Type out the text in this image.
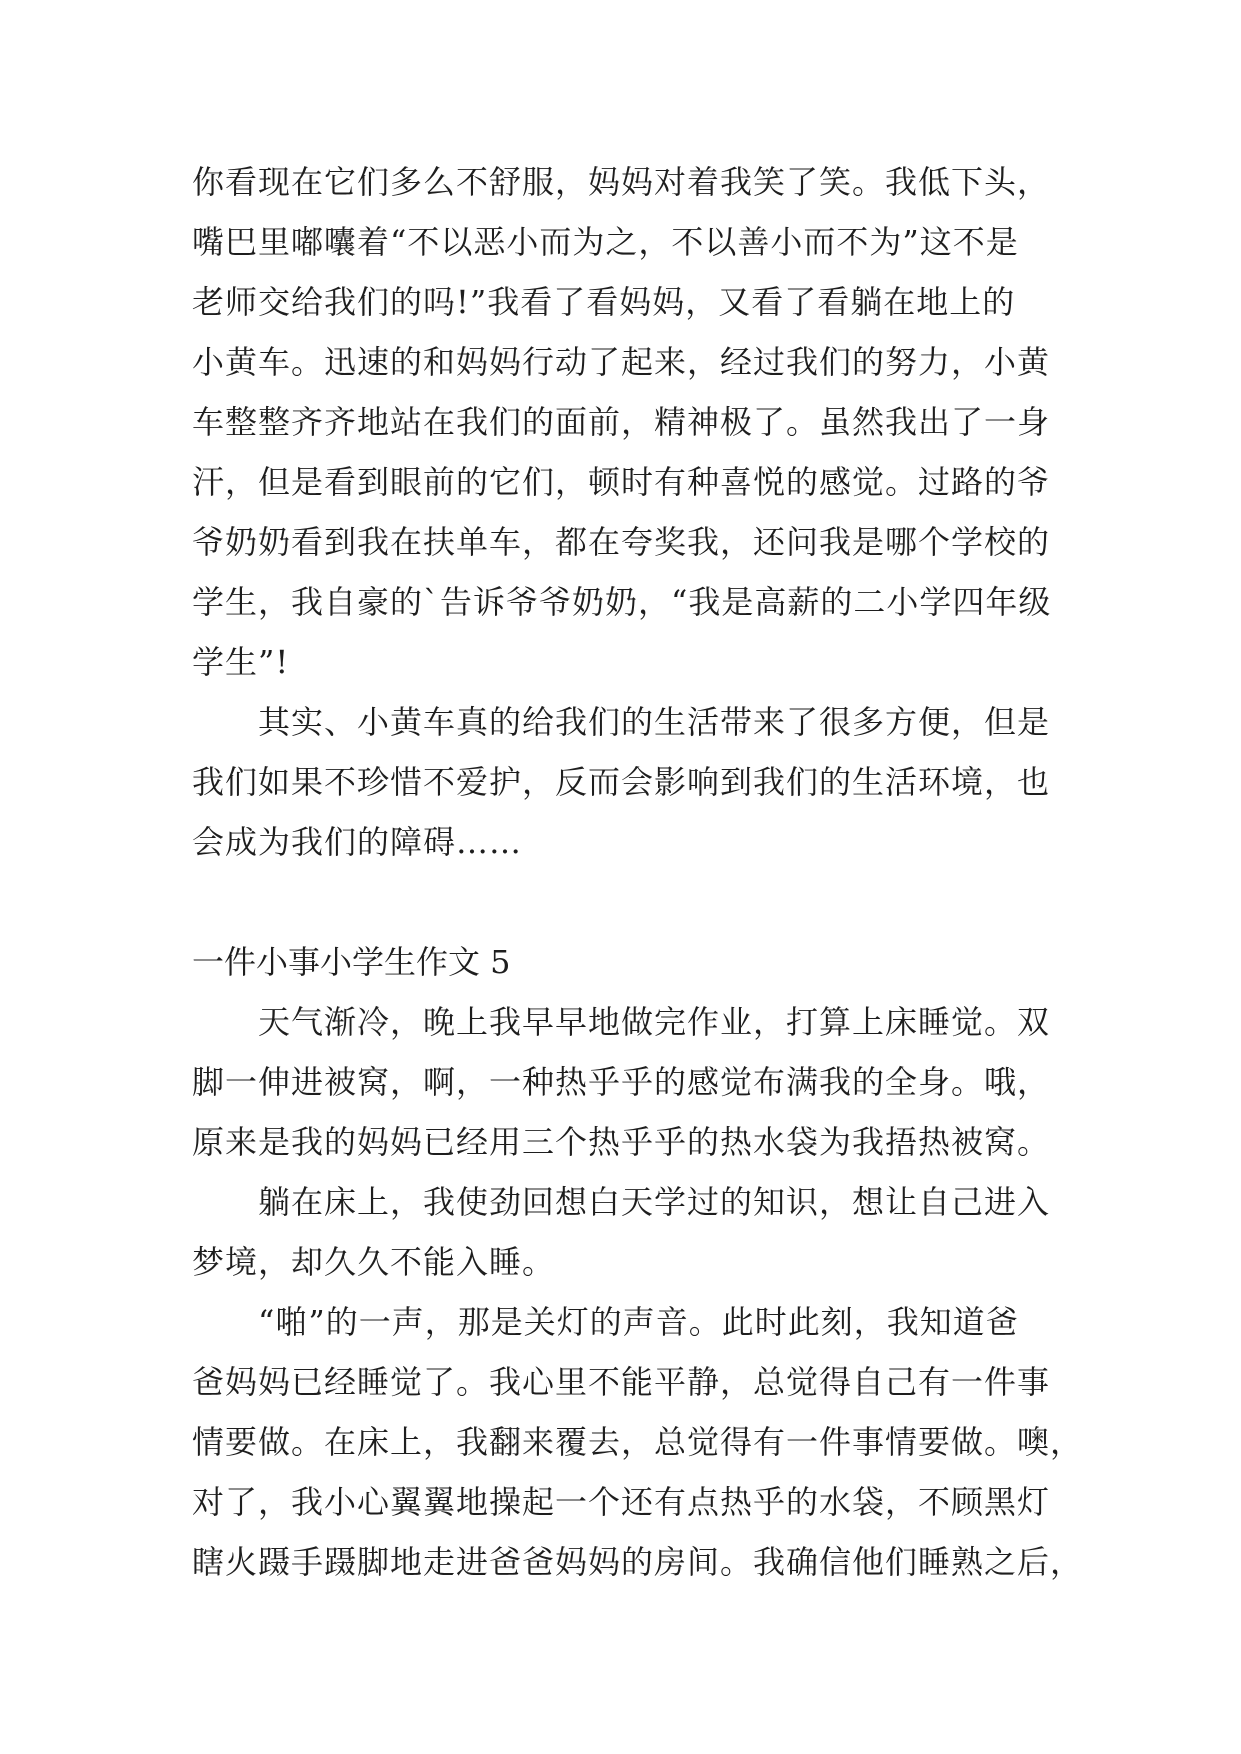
你看现在它们多么不舒服，妈妈对着我笑了笑。我低下头，
嘴巴里嘟囔着“不以恶小而为之，不以善小而不为”这不是
老师交给我们的吗!”我看了看妈妈，又看了看躺在地上的
小黄车。迅速的和妈妈行动了起来，经过我们的努力，小黄
车整整齐齐地站在我们的面前，精神极了。虽然我出了一身
汗，但是看到眼前的它们，顿时有种喜悦的感觉。过路的爷
爷奶奶看到我在扶单车，都在夸奖我，还问我是哪个学校的
学生，我自豪的`告诉爷爷奶奶，“我是高薪的二小学四年级
学生”!
其实、小黄车真的给我们的生活带来了很多方便，但是
我们如果不珍惜不爱护，反而会影响到我们的生活环境，也
会成为我们的障碍……
一件小事小学生作文 5
天气渐冷，晚上我早早地做完作业，打算上床睡觉。双
脚一伸进被窝，啊，一种热乎乎的感觉布满我的全身。哦，
原来是我的妈妈已经用三个热乎乎的热水袋为我捂热被窝。
躺在床上，我使劲回想白天学过的知识，想让自己进入
梦境，却久久不能入睡。
“啪”的一声，那是关灯的声音。此时此刻，我知道爸
爸妈妈已经睡觉了。我心里不能平静，总觉得自己有一件事
情要做。在床上，我翻来覆去，总觉得有一件事情要做。噢，
对了，我小心翼翼地操起一个还有点热乎的水袋，不顾黑灯
瞎火蹑手蹑脚地走进爸爸妈妈的房间。我确信他们睡熟之后，
